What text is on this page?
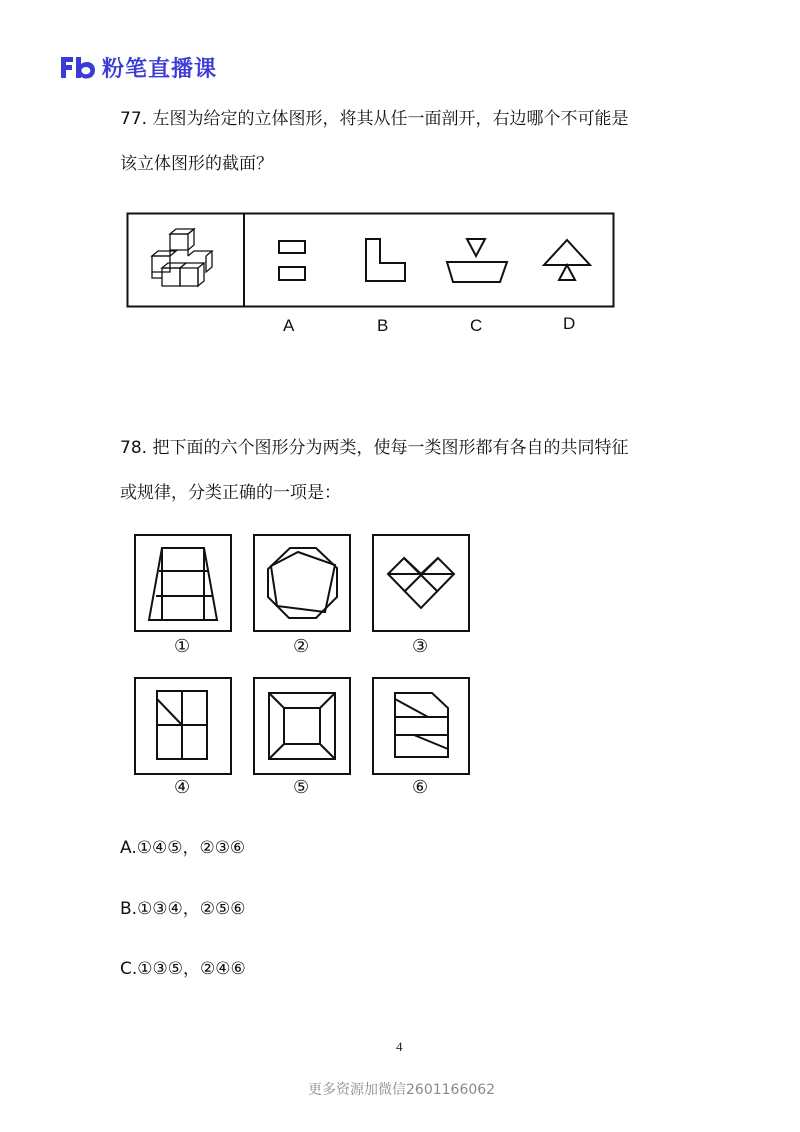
粉笔直播课
77. 左图为给定的立体图形，将其从任一面剖开，右边哪个不可能是
该立体图形的截面？
A	B	C	D
78. 把下面的六个图形分为两类，使每一类图形都有各自的共同特征
或规律，分类正确的一项是：
①	②	③
④	⑤	⑥
A.①④⑤，②③⑥
B.①③④，②⑤⑥
C.①③⑤，②④⑥
4
更多资源加微信2601166062
